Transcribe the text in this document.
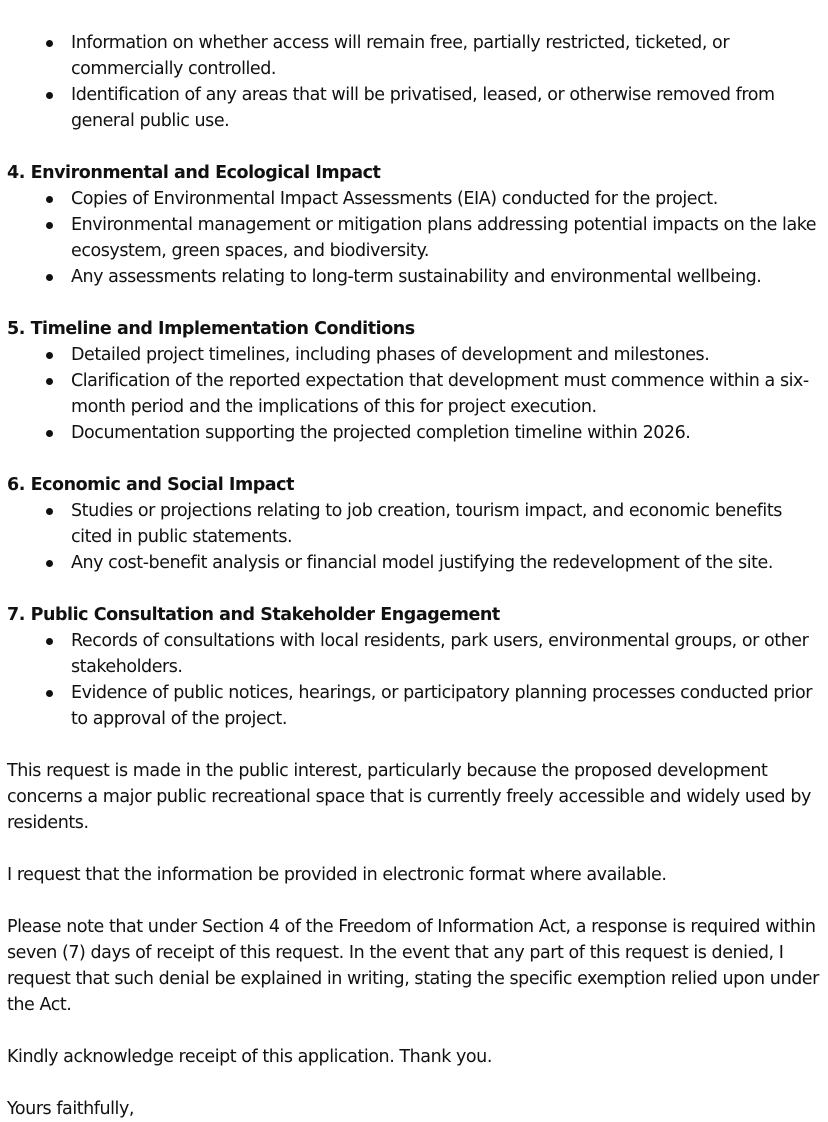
Information on whether access will remain free, partially restricted, ticketed, or commercially controlled.
Identification of any areas that will be privatised, leased, or otherwise removed from general public use.
4. Environmental and Ecological Impact
Copies of Environmental Impact Assessments (EIA) conducted for the project.
Environmental management or mitigation plans addressing potential impacts on the lake ecosystem, green spaces, and biodiversity.
Any assessments relating to long-term sustainability and environmental wellbeing.
5. Timeline and Implementation Conditions
Detailed project timelines, including phases of development and milestones.
Clarification of the reported expectation that development must commence within a six-month period and the implications of this for project execution.
Documentation supporting the projected completion timeline within 2026.
6. Economic and Social Impact
Studies or projections relating to job creation, tourism impact, and economic benefits cited in public statements.
Any cost-benefit analysis or financial model justifying the redevelopment of the site.
7. Public Consultation and Stakeholder Engagement
Records of consultations with local residents, park users, environmental groups, or other stakeholders.
Evidence of public notices, hearings, or participatory planning processes conducted prior to approval of the project.

This request is made in the public interest, particularly because the proposed development concerns a major public recreational space that is currently freely accessible and widely used by residents.

I request that the information be provided in electronic format where available.

Please note that under Section 4 of the Freedom of Information Act, a response is required within seven (7) days of receipt of this request. In the event that any part of this request is denied, I request that such denial be explained in writing, stating the specific exemption relied upon under the Act.

Kindly acknowledge receipt of this application. Thank you.

Yours faithfully,
